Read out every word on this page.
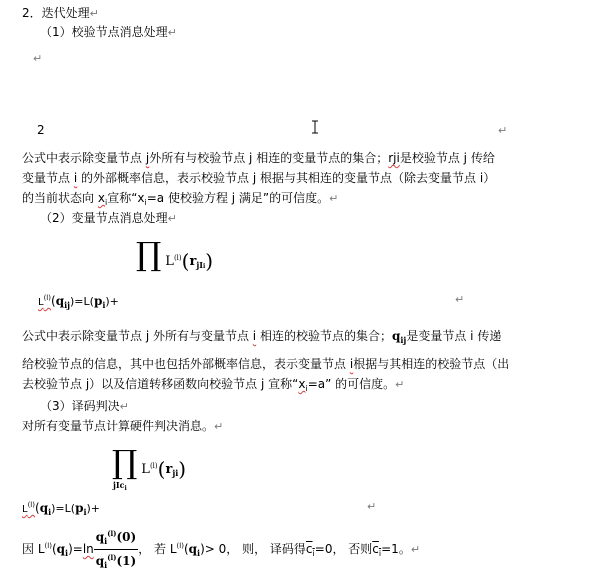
2．迭代处理↵
（1）校验节点消息处理↵
↵
2	↵
公式中表示除变量节点 j外所有与校验节点 j 相连的变量节点的集合；rji是校验节点 j 传给
变量节点 i 的外部概率信息，表示校验节点 j 根据与其相连的变量节点（除去变量节点 i）
的当前状态向 $x_i$宣称“$x_i=a$ 使校验方程 j 满足”的可信度。↵
（2）变量节点消息处理↵
∏ $L^{(l)}(r_{jIi})$
$L^{(l)}(q_{ij})=L(p_i)+$	↵
公式中表示除变量节点 j 外所有与变量节点 i 相连的校验节点的集合；$q_{ij}$是变量节点 i 传递
给校验节点的信息，其中也包括外部概率信息，表示变量节点 i根据与其相连的校验节点（出
去校验节点 j）以及信道转移函数向校验节点 j 宣称“$x_i=a$” 的可信度。↵
（3）译码判决↵
对所有变量节点计算硬件判决消息。↵
∏ $L^{(l)}(r_{ji})$
jIc$_i$
$L^{(l)}(q_i)=L(p_i)+$	↵
因 $L^{(l)}(q_i)=\ln \frac{q_i^{(l)}(0)}{q_i^{(l)}(1)}$ ， 若 $L^{(l)}(q_i)> 0$， 则， 译码得$c_i=0$， 否则$c_i=1$。↵
